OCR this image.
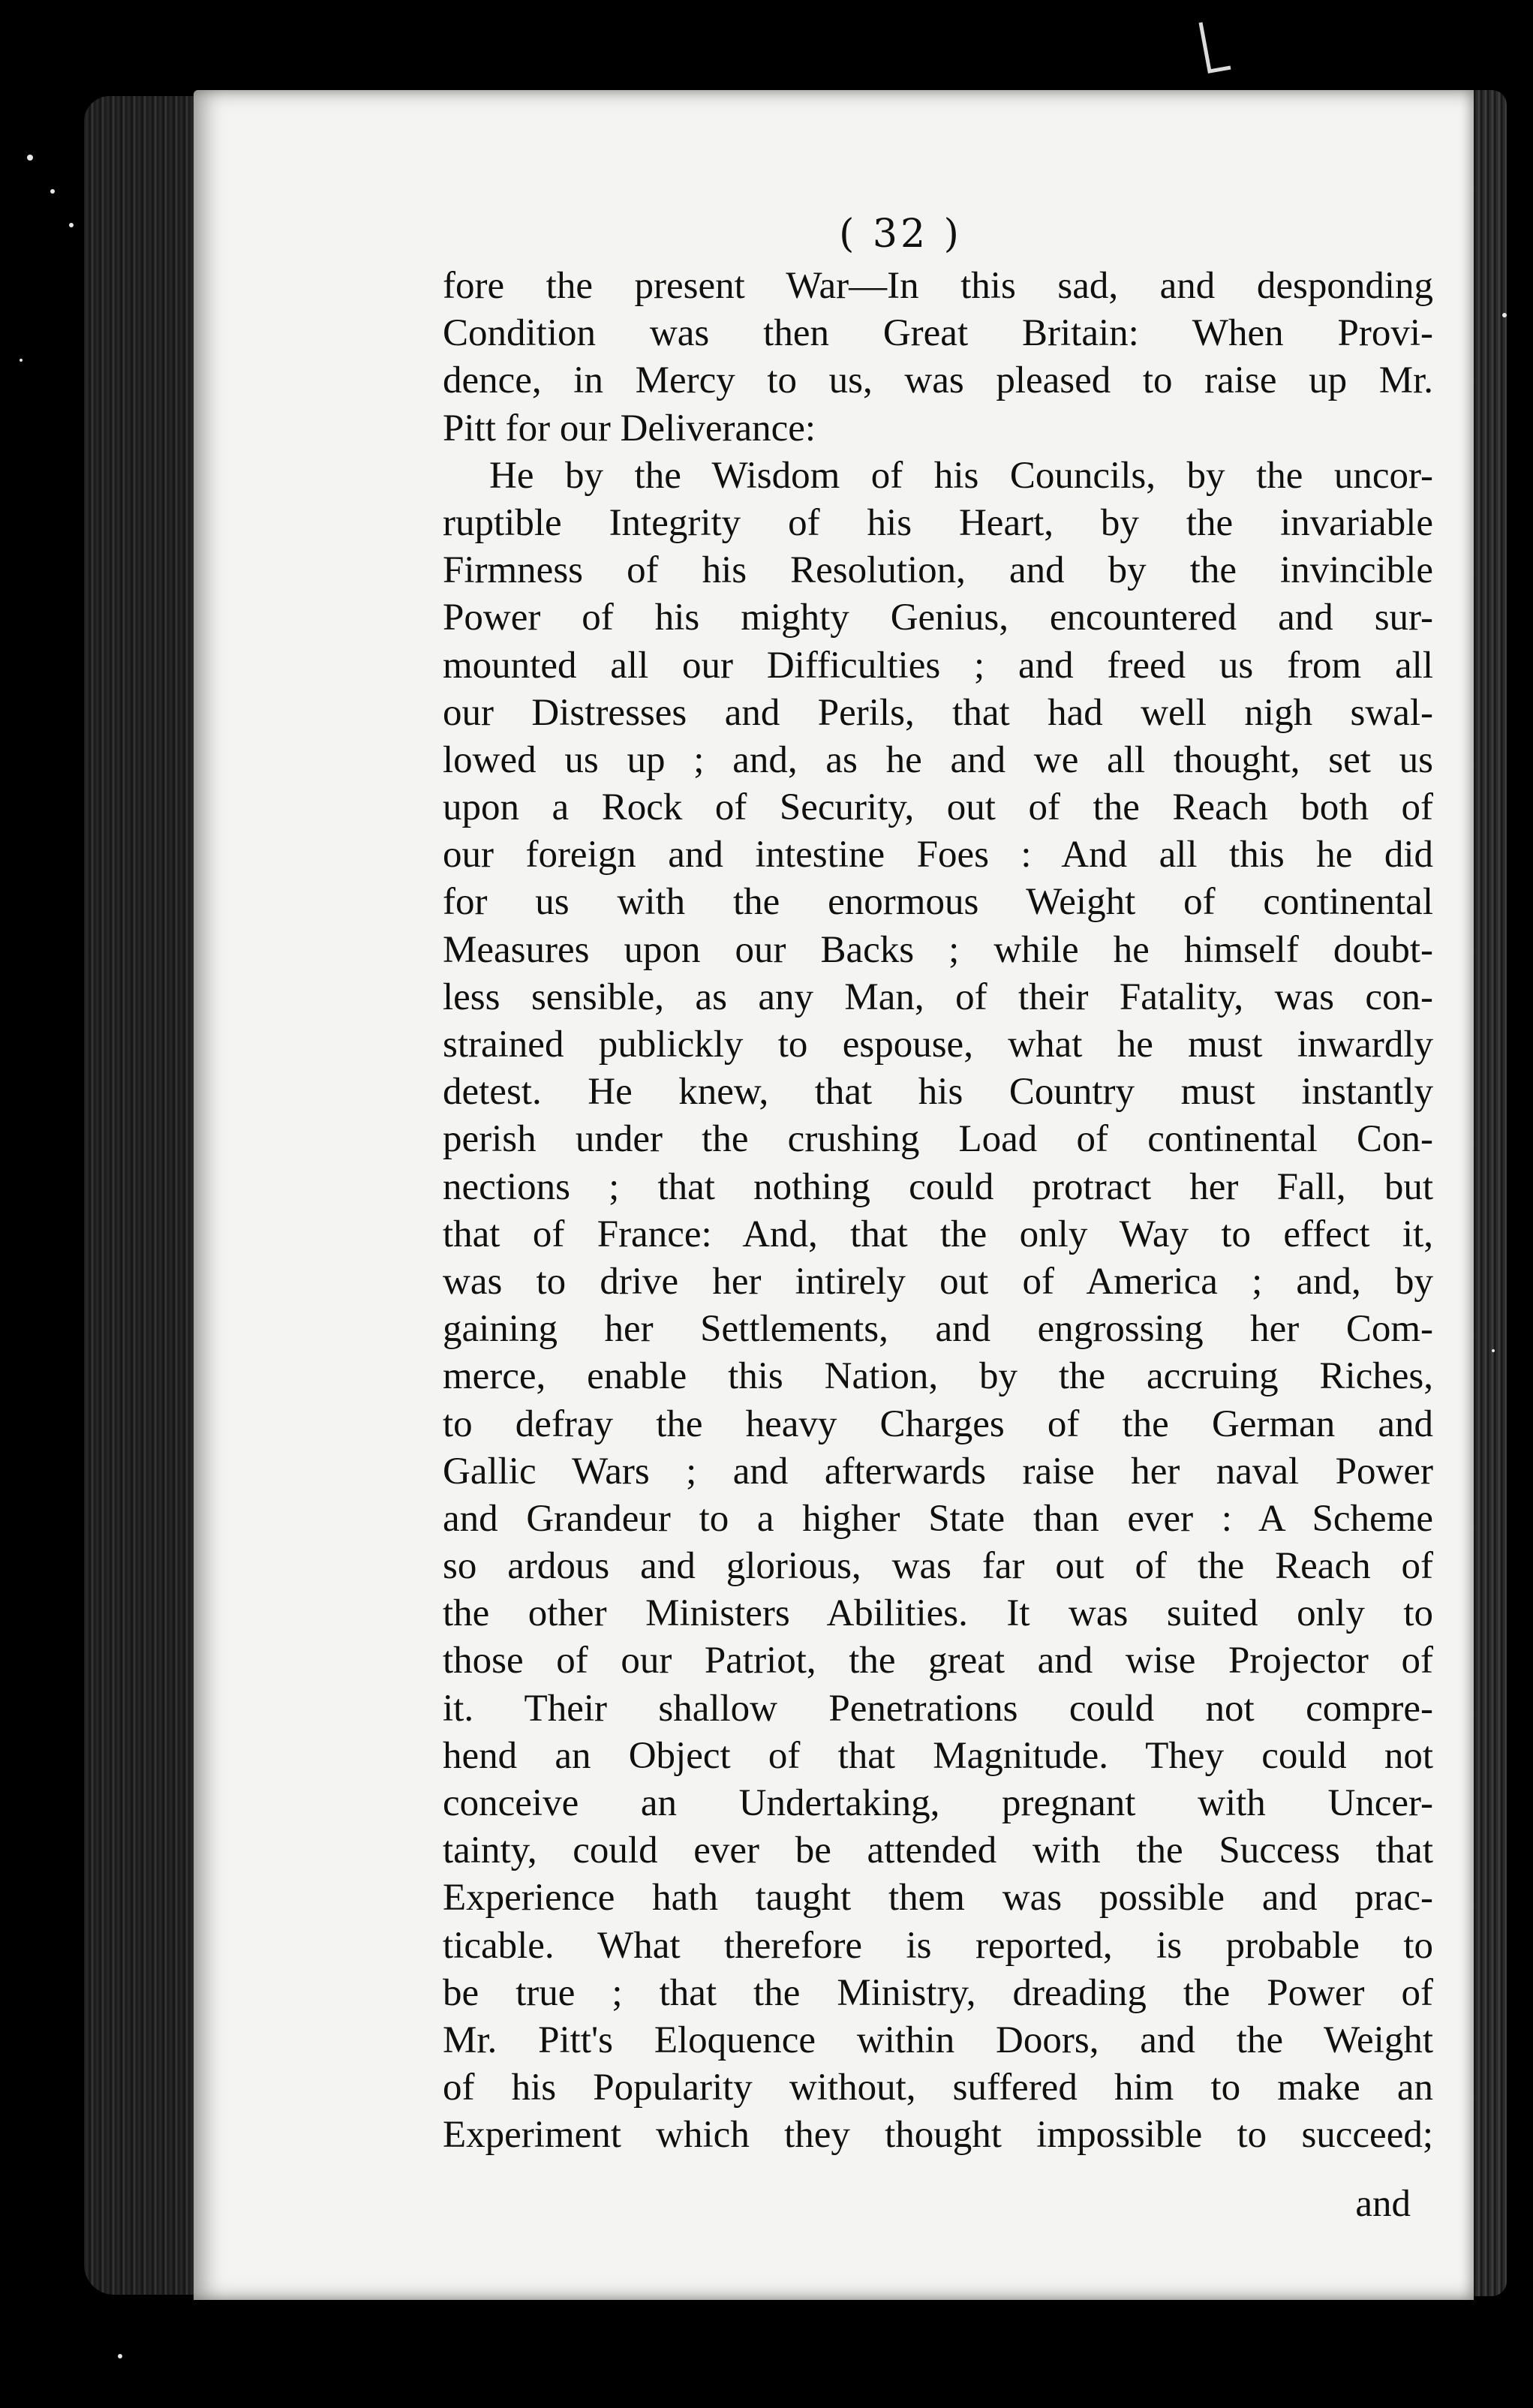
( 32 )
fore the present War—In this sad, and desponding
Condition was then Great Britain: When Provi-
dence, in Mercy to us, was pleased to raise up Mr.
Pitt for our Deliverance:
He by the Wisdom of his Councils, by the uncor-
ruptible Integrity of his Heart, by the invariable
Firmness of his Resolution, and by the invincible
Power of his mighty Genius, encountered and sur-
mounted all our Difficulties ; and freed us from all
our Distresses and Perils, that had well nigh swal-
lowed us up ; and, as he and we all thought, set us
upon a Rock of Security, out of the Reach both of
our foreign and intestine Foes : And all this he did
for us with the enormous Weight of continental
Measures upon our Backs ; while he himself doubt-
less sensible, as any Man, of their Fatality, was con-
strained publickly to espouse, what he must inwardly
detest. He knew, that his Country must instantly
perish under the crushing Load of continental Con-
nections ; that nothing could protract her Fall, but
that of France: And, that the only Way to effect it,
was to drive her intirely out of America ; and, by
gaining her Settlements, and engrossing her Com-
merce, enable this Nation, by the accruing Riches,
to defray the heavy Charges of the German and
Gallic Wars ; and afterwards raise her naval Power
and Grandeur to a higher State than ever : A Scheme
so ardous and glorious, was far out of the Reach of
the other Ministers Abilities. It was suited only to
those of our Patriot, the great and wise Projector of
it. Their shallow Penetrations could not compre-
hend an Object of that Magnitude. They could not
conceive an Undertaking, pregnant with Uncer-
tainty, could ever be attended with the Success that
Experience hath taught them was possible and prac-
ticable. What therefore is reported, is probable to
be true ; that the Ministry, dreading the Power of
Mr. Pitt's Eloquence within Doors, and the Weight
of his Popularity without, suffered him to make an
Experiment which they thought impossible to succeed;
and
